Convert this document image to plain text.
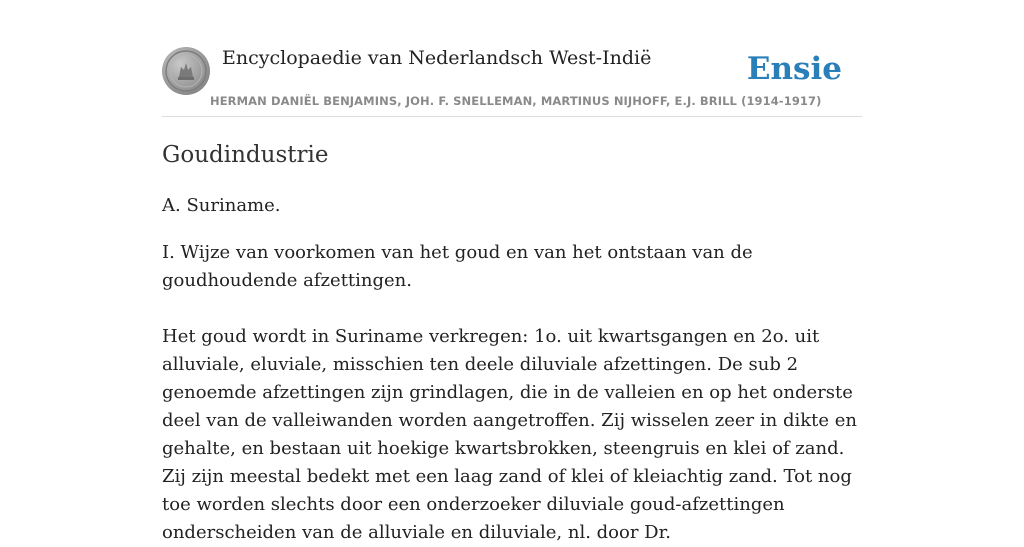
Encyclopaedie van Nederlandsch West-Indië	Ensie
HERMAN DANIËL BENJAMINS, JOH. F. SNELLEMAN, MARTINUS NIJHOFF, E.J. BRILL (1914-1917)
Goudindustrie

A. Suriname.

I. Wijze van voorkomen van het goud en van het ontstaan van de goudhoudende afzettingen.

Het goud wordt in Suriname verkregen: 1o. uit kwartsgangen en 2o. uit alluviale, eluviale, misschien ten deele diluviale afzettingen. De sub 2 genoemde afzettingen zijn grindlagen, die in de valleien en op het onderste deel van de valleiwanden worden aangetroffen. Zij wisselen zeer in dikte en gehalte, en bestaan uit hoekige kwartsbrokken, steengruis en klei of zand. Zij zijn meestal bedekt met een laag zand of klei of kleiachtig zand. Tot nog toe worden slechts door een onderzoeker diluviale goud-afzettingen onderscheiden van de alluviale en diluviale, nl. door Dr.
